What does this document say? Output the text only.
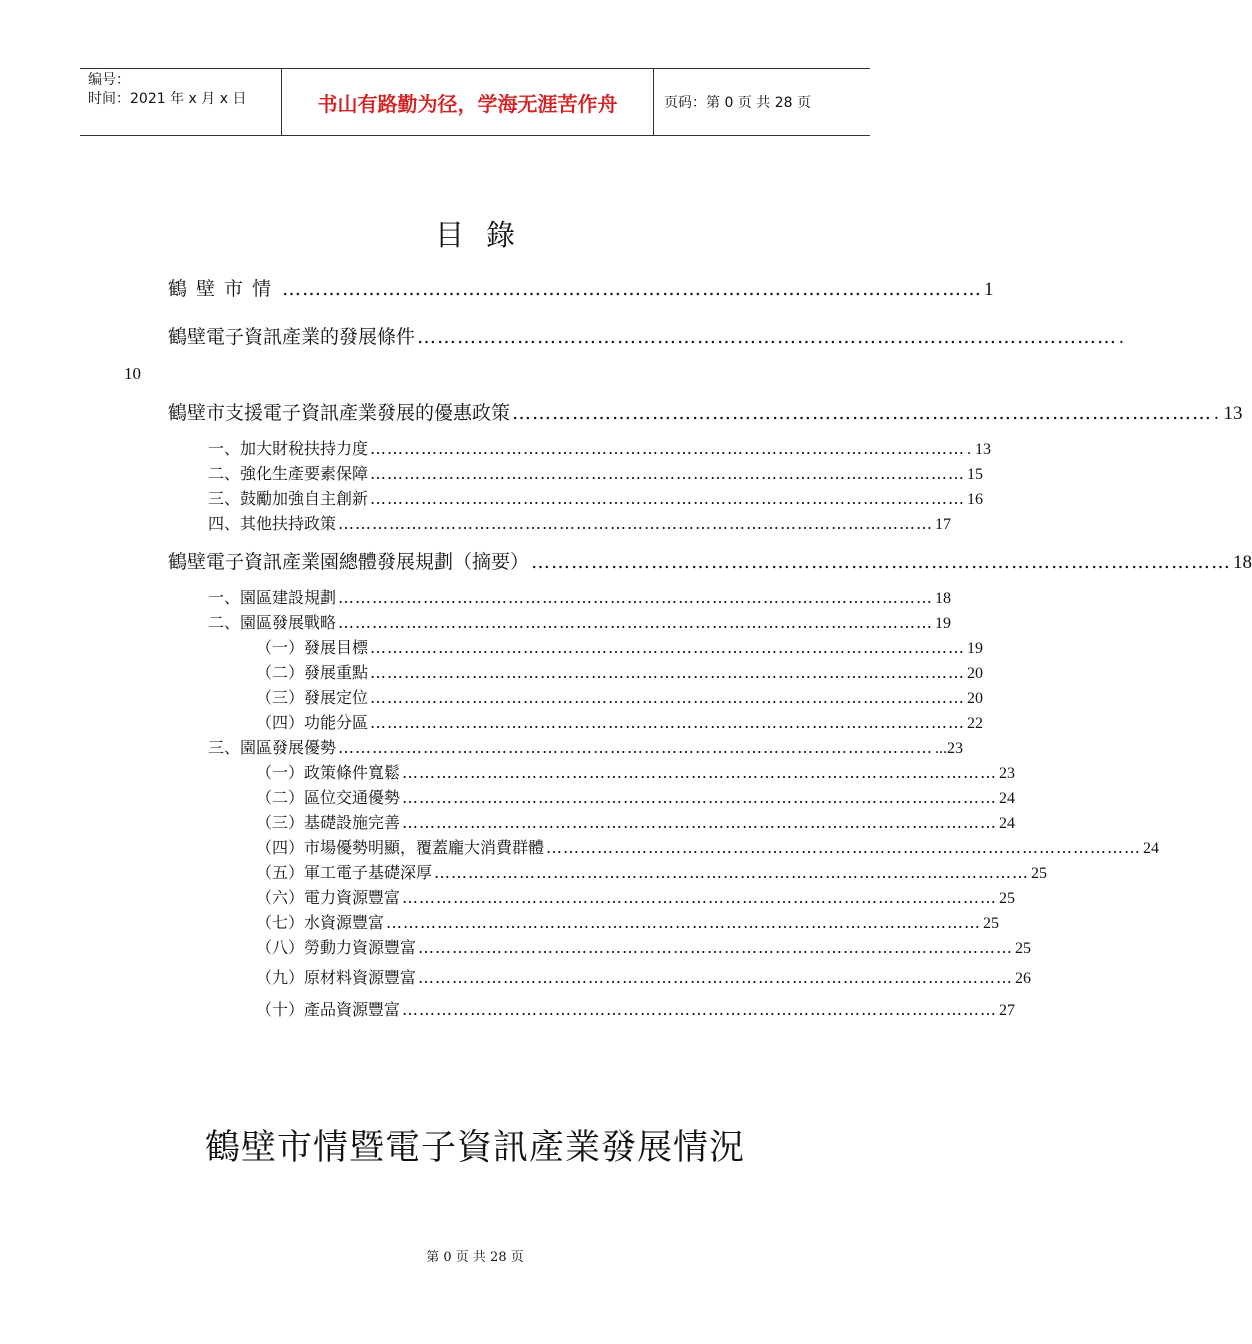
编号：
时间：2021 年 x 月 x 日	书山有路勤为径，学海无涯苦作舟	页码：第 0 页 共 28 页
目錄
鶴壁市情 …………………………………………………………………………………………… 1
鶴壁電子資訊產業的發展條件 …………………………………………………………………………………………… .
10
鶴壁市支援電子資訊產業發展的優惠政策 …………………………………………………………………………………………… . 13
一、加大財稅扶持力度 …………………………………………………………………………………………… . 13
二、強化生產要素保障 …………………………………………………………………………………………… 15
三、鼓勵加強自主創新 …………………………………………………………………………………………… 16
四、其他扶持政策 …………………………………………………………………………………………… 17
鶴壁電子資訊產業園總體發展規劃（摘要） …………………………………………………………………………………………… 18
一、園區建設規劃 …………………………………………………………………………………………… 18
二、園區發展戰略 …………………………………………………………………………………………… 19
（一）發展目標 …………………………………………………………………………………………… 19
（二）發展重點 …………………………………………………………………………………………… 20
（三）發展定位 …………………………………………………………………………………………… 20
（四）功能分區 …………………………………………………………………………………………… 22
三、園區發展優勢 …………………………………………………………………………………………… ...23
（一）政策條件寬鬆 …………………………………………………………………………………………… 23
（二）區位交通優勢 …………………………………………………………………………………………… 24
（三）基礎設施完善 …………………………………………………………………………………………… 24
（四）市場優勢明顯，覆蓋龐大消費群體 …………………………………………………………………………………………… 24
（五）軍工電子基礎深厚 …………………………………………………………………………………………… 25
（六）電力資源豐富 …………………………………………………………………………………………… 25
（七）水資源豐富 …………………………………………………………………………………………… 25
（八）勞動力資源豐富 …………………………………………………………………………………………… 25
（九）原材料資源豐富 …………………………………………………………………………………………… 26
（十）產品資源豐富 …………………………………………………………………………………………… 27
鶴壁市情暨電子資訊產業發展情況
第 0 页 共 28 页
